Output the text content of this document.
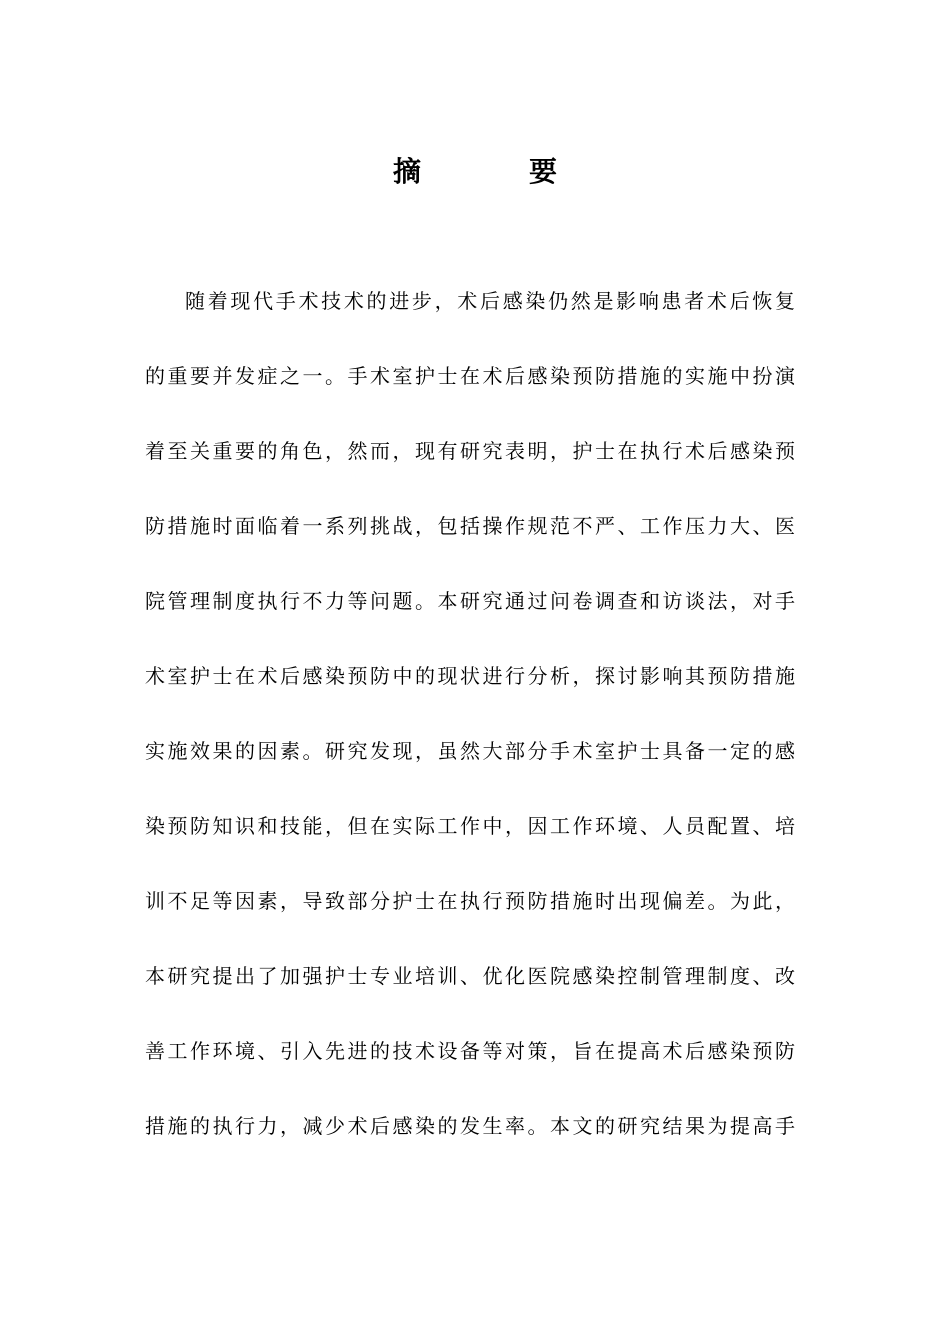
摘　要
随着现代手术技术的进步，术后感染仍然是影响患者术后恢复
的重要并发症之一。手术室护士在术后感染预防措施的实施中扮演
着至关重要的角色，然而，现有研究表明，护士在执行术后感染预
防措施时面临着一系列挑战，包括操作规范不严、工作压力大、医
院管理制度执行不力等问题。本研究通过问卷调查和访谈法，对手
术室护士在术后感染预防中的现状进行分析，探讨影响其预防措施
实施效果的因素。研究发现，虽然大部分手术室护士具备一定的感
染预防知识和技能，但在实际工作中，因工作环境、人员配置、培
训不足等因素，导致部分护士在执行预防措施时出现偏差。为此，
本研究提出了加强护士专业培训、优化医院感染控制管理制度、改
善工作环境、引入先进的技术设备等对策，旨在提高术后感染预防
措施的执行力，减少术后感染的发生率。本文的研究结果为提高手
